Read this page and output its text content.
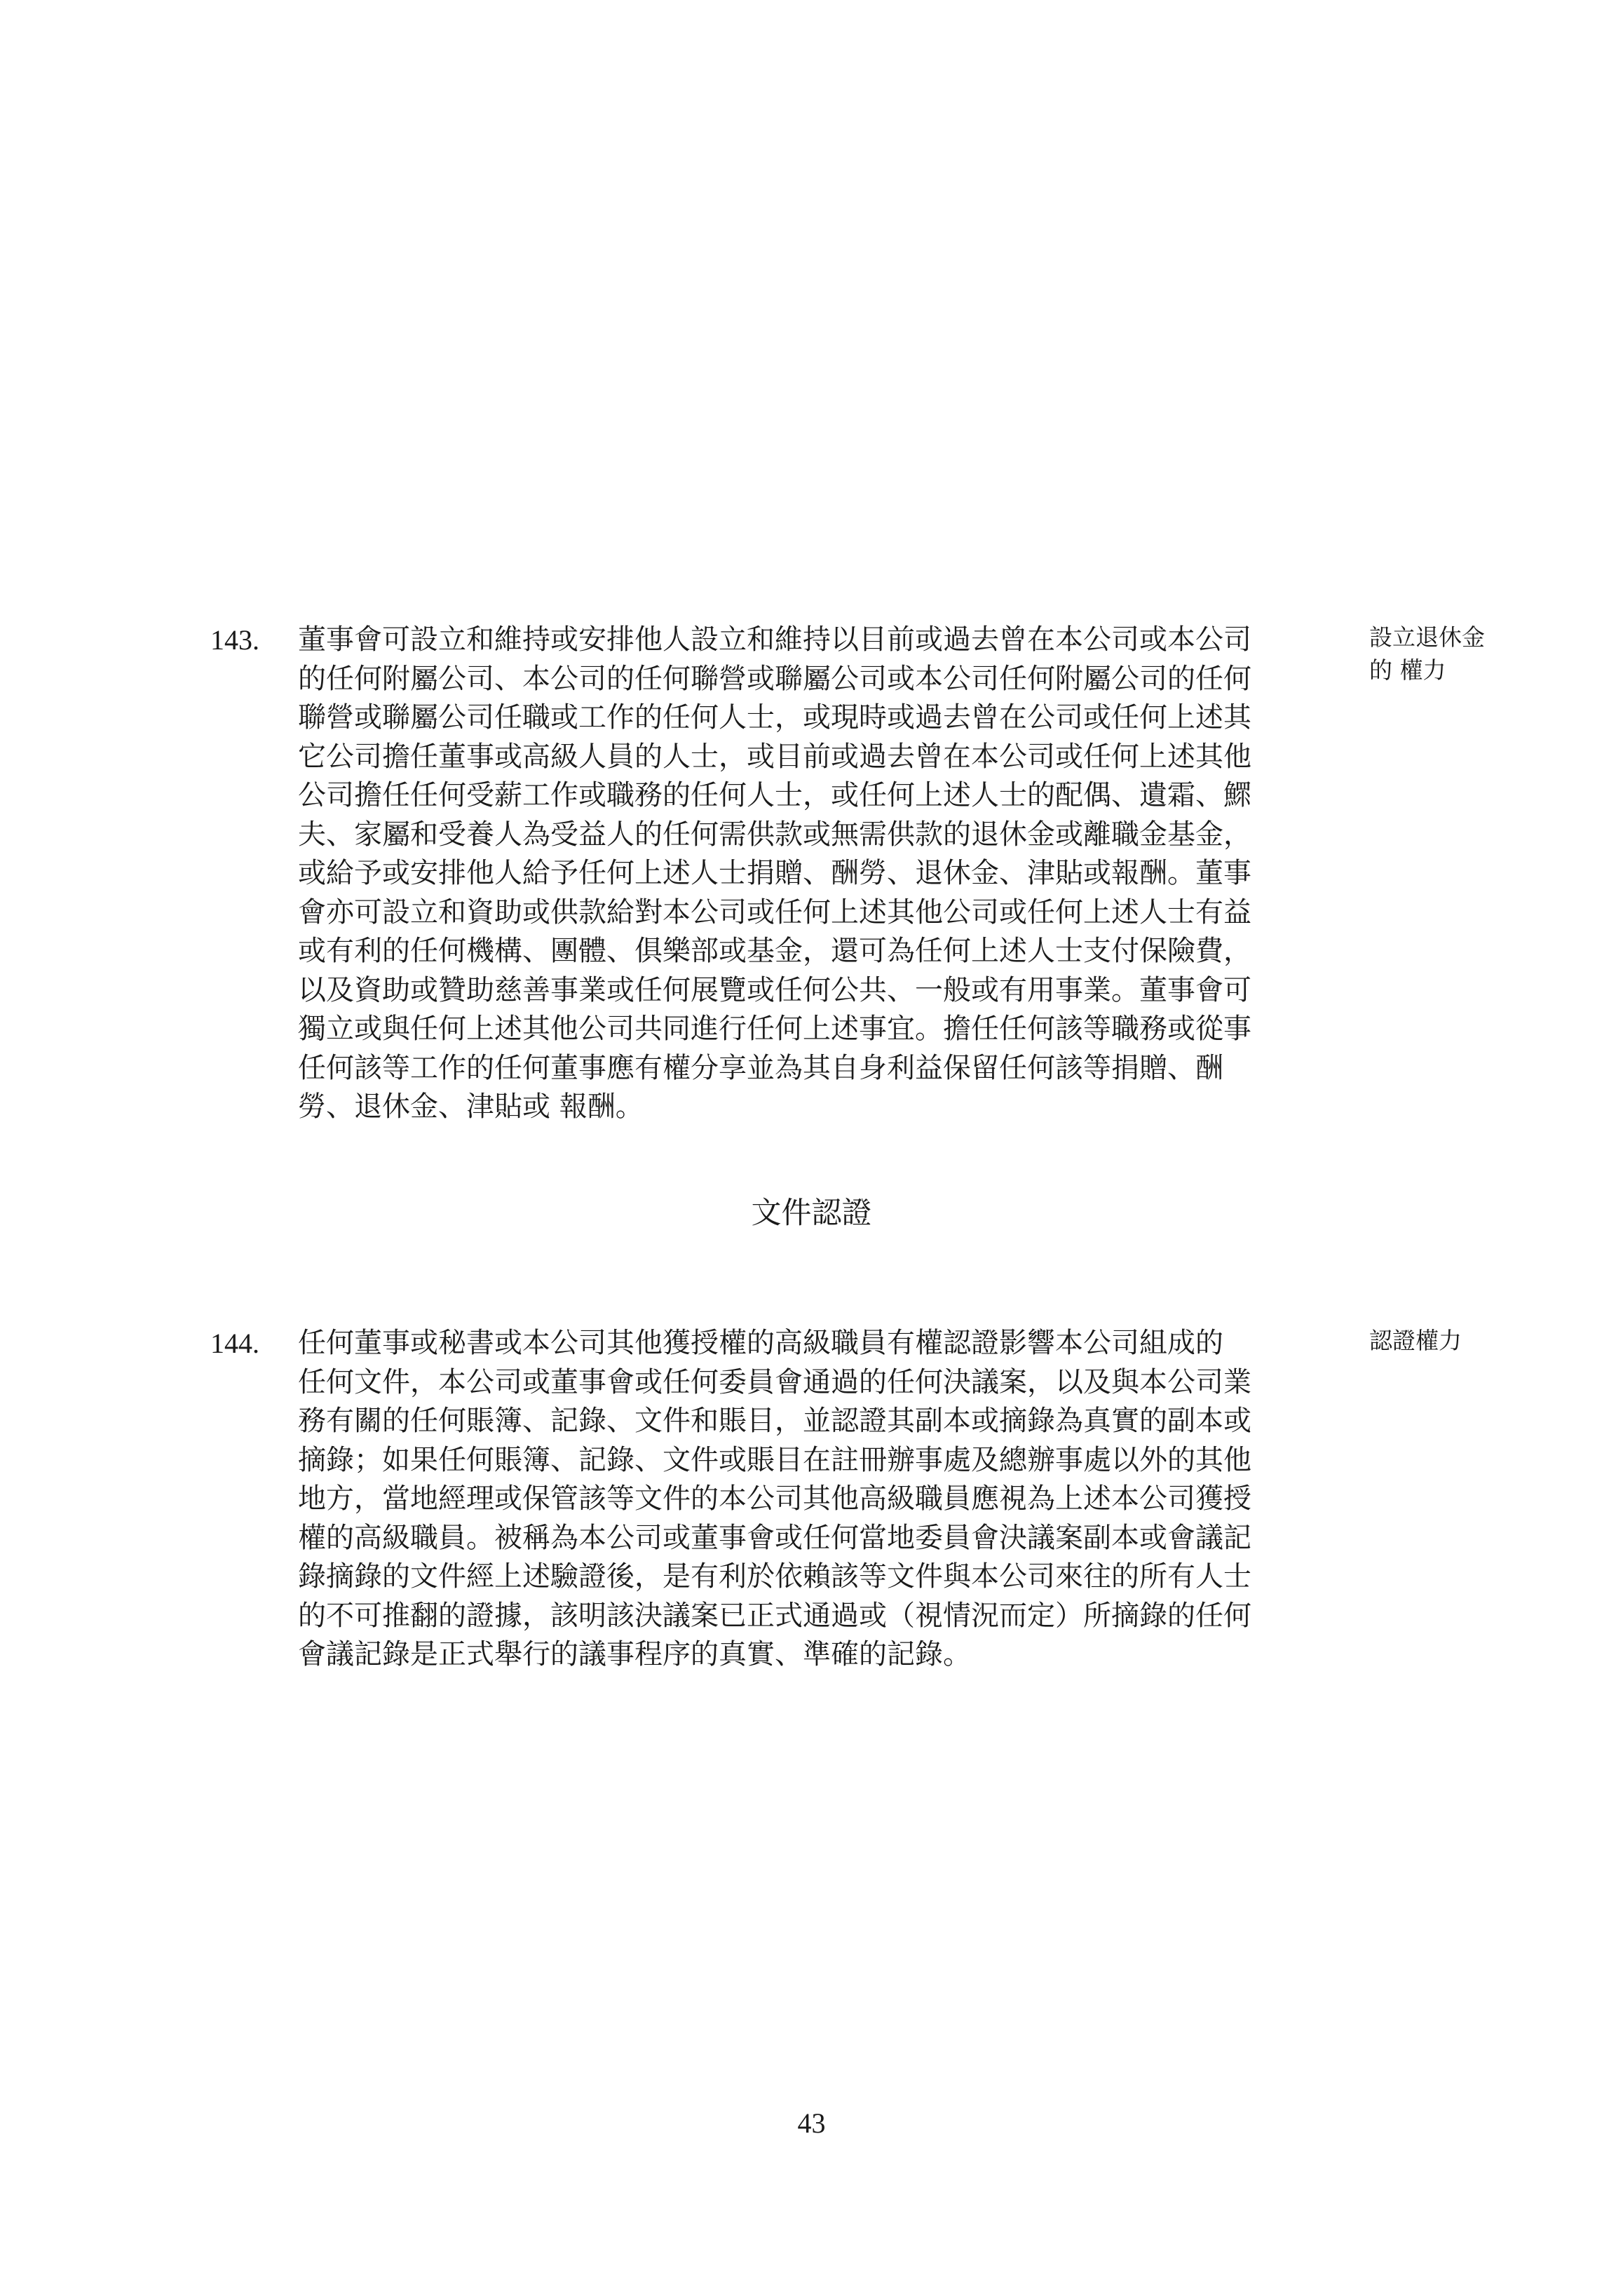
143. 董事會可設立和維持或安排他人設立和維持以目前或過去曾在本公司或本公司
的任何附屬公司、本公司的任何聯營或聯屬公司或本公司任何附屬公司的任何
聯營或聯屬公司任職或工作的任何人士，或現時或過去曾在公司或任何上述其
它公司擔任董事或高級人員的人士，或目前或過去曾在本公司或任何上述其他
公司擔任任何受薪工作或職務的任何人士，或任何上述人士的配偶、遺霜、鰥
夫、家屬和受養人為受益人的任何需供款或無需供款的退休金或離職金基金，
或給予或安排他人給予任何上述人士捐贈、酬勞、退休金、津貼或報酬。董事
會亦可設立和資助或供款給對本公司或任何上述其他公司或任何上述人士有益
或有利的任何機構、團體、俱樂部或基金，還可為任何上述人士支付保險費，
以及資助或贊助慈善事業或任何展覽或任何公共、一般或有用事業。董事會可
獨立或與任何上述其他公司共同進行任何上述事宜。擔任任何該等職務或從事
任何該等工作的任何董事應有權分享並為其自身利益保留任何該等捐贈、酬
勞、退休金、津貼或 報酬。
設立退休金
的 權力
文件認證
144. 任何董事或秘書或本公司其他獲授權的高級職員有權認證影響本公司組成的
任何文件，本公司或董事會或任何委員會通過的任何決議案，以及與本公司業
務有關的任何賬簿、記錄、文件和賬目，並認證其副本或摘錄為真實的副本或
摘錄；如果任何賬簿、記錄、文件或賬目在註冊辦事處及總辦事處以外的其他
地方，當地經理或保管該等文件的本公司其他高級職員應視為上述本公司獲授
權的高級職員。被稱為本公司或董事會或任何當地委員會決議案副本或會議記
錄摘錄的文件經上述驗證後，是有利於依賴該等文件與本公司來往的所有人士
的不可推翻的證據，該明該決議案已正式通過或（視情況而定）所摘錄的任何
會議記錄是正式舉行的議事程序的真實、準確的記錄。
認證權力
43
